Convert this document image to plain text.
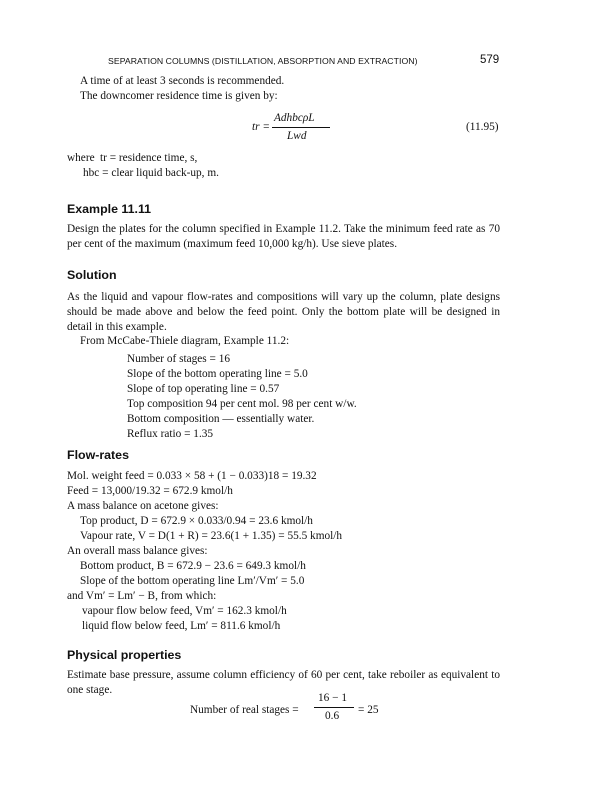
SEPARATION COLUMNS (DISTILLATION, ABSORPTION AND EXTRACTION)	579
A time of at least 3 seconds is recommended.
The downcomer residence time is given by:
tr =
AdhbcρL
Lwd
(11.95)
where tr = residence time, s,
hbc = clear liquid back-up, m.
Example 11.11
Design the plates for the column specified in Example 11.2. Take the minimum feed rate as 70 per cent of the maximum (maximum feed 10,000 kg/h). Use sieve plates.
Solution
As the liquid and vapour flow-rates and compositions will vary up the column, plate designs should be made above and below the feed point. Only the bottom plate will be designed in detail in this example.
From McCabe-Thiele diagram, Example 11.2:
Number of stages = 16
Slope of the bottom operating line = 5.0
Slope of top operating line = 0.57
Top composition 94 per cent mol. 98 per cent w/w.
Bottom composition — essentially water.
Reflux ratio = 1.35
Flow-rates
Mol. weight feed = 0.033 × 58 + (1 − 0.033)18 = 19.32
Feed = 13,000/19.32 = 672.9 kmol/h
A mass balance on acetone gives:
Top product, D = 672.9 × 0.033/0.94 = 23.6 kmol/h
Vapour rate, V = D(1 + R) = 23.6(1 + 1.35) = 55.5 kmol/h
An overall mass balance gives:
Bottom product, B = 672.9 − 23.6 = 649.3 kmol/h
Slope of the bottom operating line Lm′/Vm′ = 5.0
and Vm′ = Lm′ − B, from which:
vapour flow below feed, Vm′ = 162.3 kmol/h
liquid flow below feed, Lm′ = 811.6 kmol/h
Physical properties
Estimate base pressure, assume column efficiency of 60 per cent, take reboiler as equivalent to one stage.
Number of real stages =
16 − 1
0.6 = 25
